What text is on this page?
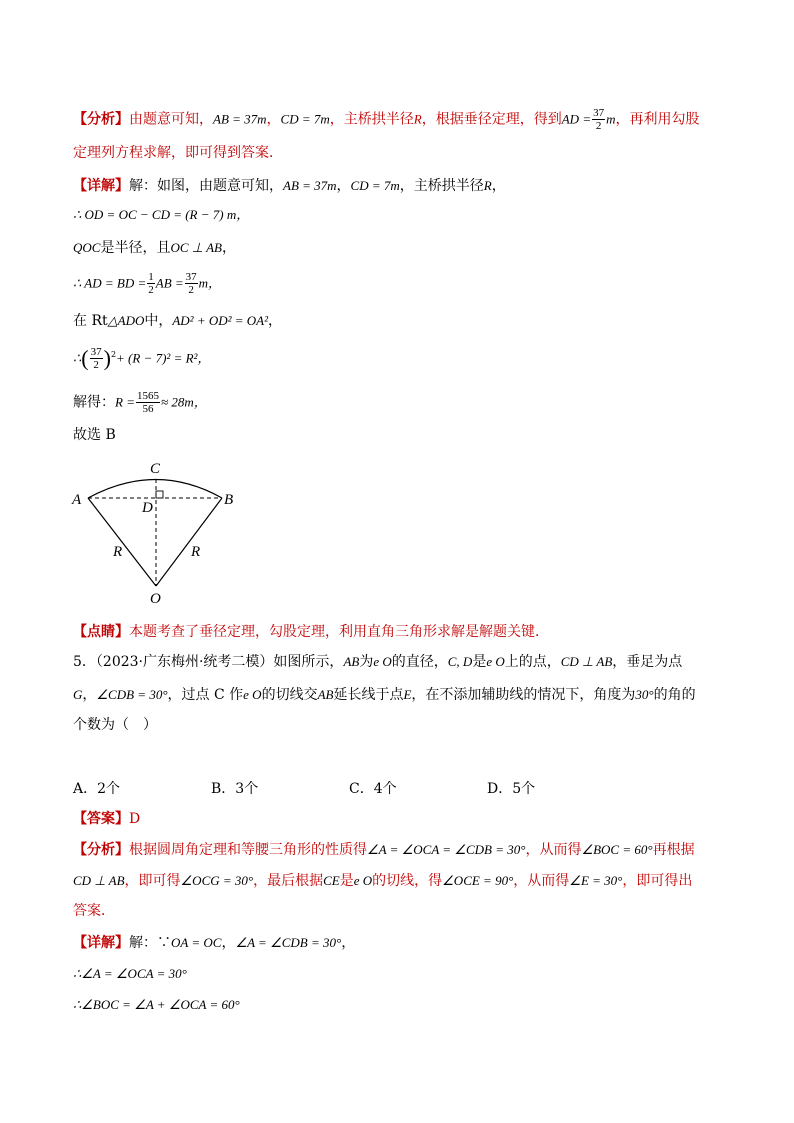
【分析】由题意可知，AB = 37m，CD = 7m，主桥拱半径R，根据垂径定理，得到AD = $\frac{37}{2}$ m，再利用勾股
定理列方程求解，即可得到答案．
【详解】解：如图，由题意可知，AB = 37m，CD = 7m，主桥拱半径R，
∴ OD = OC − CD = (R − 7) m，
QOC是半径，且OC ⊥ AB，
∴ AD = BD = $\frac{1}{2}$ AB = $\frac{37}{2}$ m，
在 Rt△ADO中，AD² + OD² = OA²，
∴( $\frac{37}{2} )^2+ (R - 7)^2 = R^2$，
解得：$R = \frac{1565}{56} \approx 28m$，
故选 B
C
A	B
D
R	R
O
【点睛】本题考查了垂径定理，勾股定理，利用直角三角形求解是解题关键．
5．（2023·广东梅州·统考二模）如图所示，AB为e O的直径，C, D是e O上的点，CD ⊥ AB，垂足为点
G，∠CDB = 30°，过点 C 作e O的切线交AB延长线于点E，在不添加辅助线的情况下，角度为30°的角的
个数为（　）
A．2个	B．3个	C．4个	D．5个
【答案】D
【分析】根据圆周角定理和等腰三角形的性质得∠A = ∠OCA = ∠CDB = 30°，从而得∠BOC = 60°再根据
CD ⊥ AB，即可得∠OCG = 30°，最后根据CE是e O的切线，得∠OCE = 90°，从而得∠E = 30°，即可得出
答案．
【详解】解：∵OA = OC，∠A = ∠CDB = 30°，
∴∠A = ∠OCA = 30°
∴∠BOC = ∠A + ∠OCA = 60°
